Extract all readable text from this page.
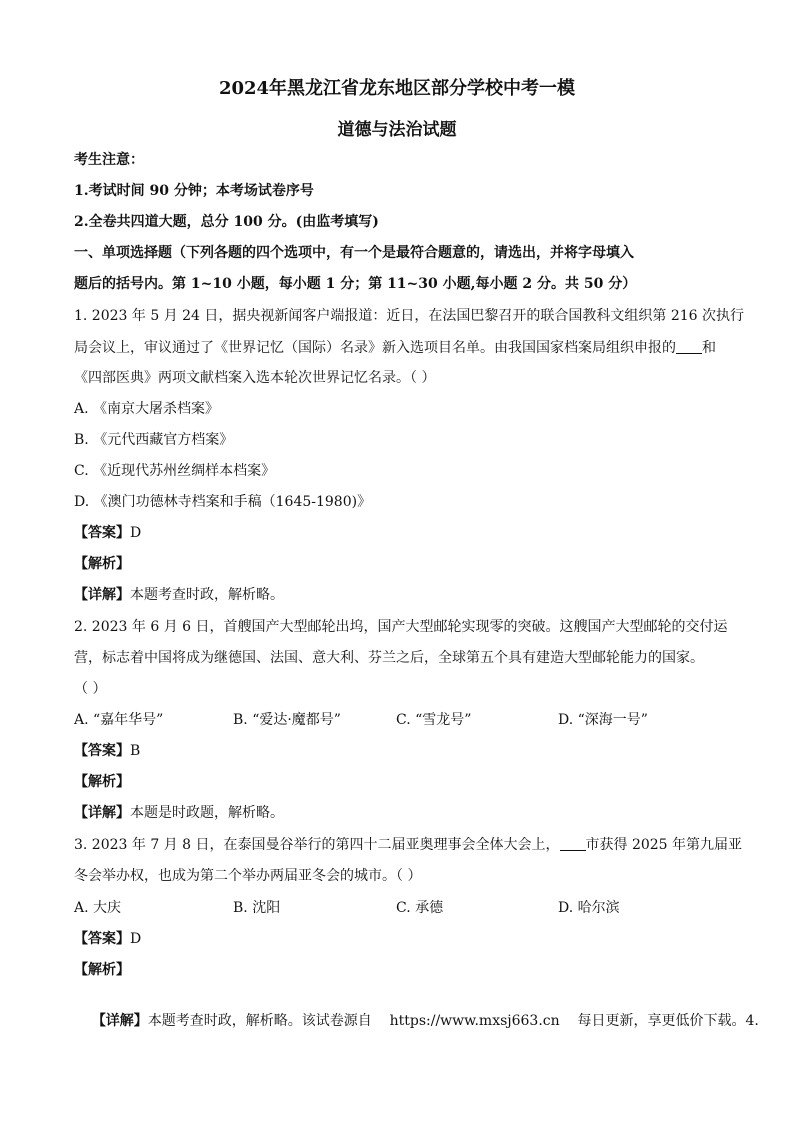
2024年黑龙江省龙东地区部分学校中考一模
道德与法治试题
考生注意：
1.考试时间 90 分钟；本考场试卷序号
2.全卷共四道大题，总分 100 分。(由监考填写)
一、单项选择题（下列各题的四个选项中，有一个是最符合题意的，请选出，并将字母填入
题后的括号内。第 1~10 小题，每小题 1 分；第 11~30 小题,每小题 2 分。共 50 分）
1. 2023 年 5 月 24 日，据央视新闻客户端报道：近日，在法国巴黎召开的联合国教科文组织第 216 次执行
局会议上，审议通过了《世界记忆（国际）名录》新入选项目名单。由我国国家档案局组织申报的 和
《四部医典》两项文献档案入选本轮次世界记忆名录。（ ）
A. 《南京大屠杀档案》
B. 《元代西藏官方档案》
C. 《近现代苏州丝绸样本档案》
D. 《澳门功德林寺档案和手稿（1645-1980)》
【答案】D
【解析】
【详解】本题考查时政，解析略。
2. 2023 年 6 月 6 日，首艘国产大型邮轮出坞，国产大型邮轮实现零的突破。这艘国产大型邮轮的交付运
营，标志着中国将成为继德国、法国、意大利、芬兰之后，全球第五个具有建造大型邮轮能力的国家。
（ ）
A. “嘉年华号”	B. “爱达·魔都号”	C. “雪龙号”	D. “深海一号”
【答案】B
【解析】
【详解】本题是时政题，解析略。
3. 2023 年 7 月 8 日，在泰国曼谷举行的第四十二届亚奥理事会全体大会上， 市获得 2025 年第九届亚
冬会举办权，也成为第二个举办两届亚冬会的城市。（ ）
A. 大庆	B. 沈阳	C. 承德	D. 哈尔滨
【答案】D
【解析】

【详解】本题考查时政，解析略。该试卷源自    https://www.mxsj663.cn    每日更新，享更低价下载。4.
